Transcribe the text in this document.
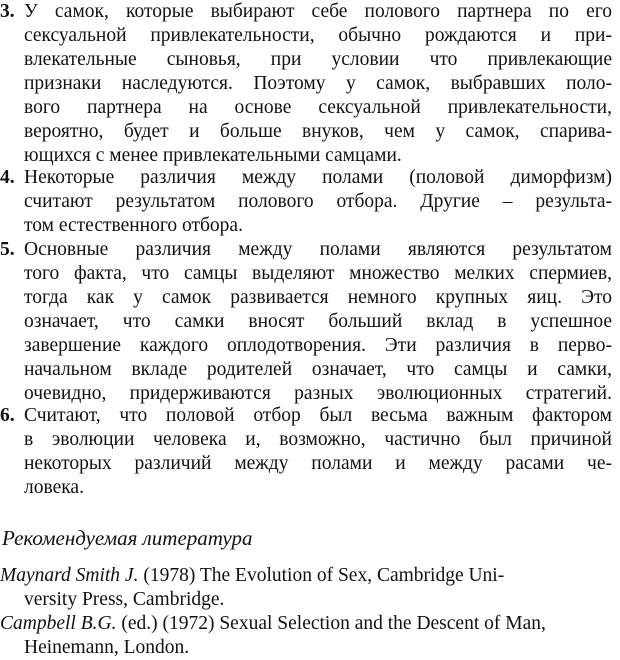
3. У самок, которые выбирают себе полового партнера по его
сексуальной привлекательности, обычно рождаются и при-
влекательные сыновья, при условии что привлекающие
признаки наследуются. Поэтому у самок, выбравших поло-
вого партнера на основе сексуальной привлекательности,
вероятно, будет и больше внуков, чем у самок, спарива-
ющихся с менее привлекательными самцами.
4. Некоторые различия между полами (половой диморфизм)
считают результатом полового отбора. Другие – результа-
том естественного отбора.
5. Основные различия между полами являются результатом
того факта, что самцы выделяют множество мелких спермиев,
тогда как у самок развивается немного крупных яиц. Это
означает, что самки вносят больший вклад в успешное
завершение каждого оплодотворения. Эти различия в перво-
начальном вкладе родителей означает, что самцы и самки,
очевидно, придерживаются разных эволюционных стратегий.
6. Считают, что половой отбор был весьма важным фактором
в эволюции человека и, возможно, частично был причиной
некоторых различий между полами и между расами че-
ловека.
Рекомендуемая литература
Maynard Smith J. (1978) The Evolution of Sex, Cambridge Uni-
versity Press, Cambridge.
Campbell B.G. (ed.) (1972) Sexual Selection and the Descent of Man,
Heinemann, London.
